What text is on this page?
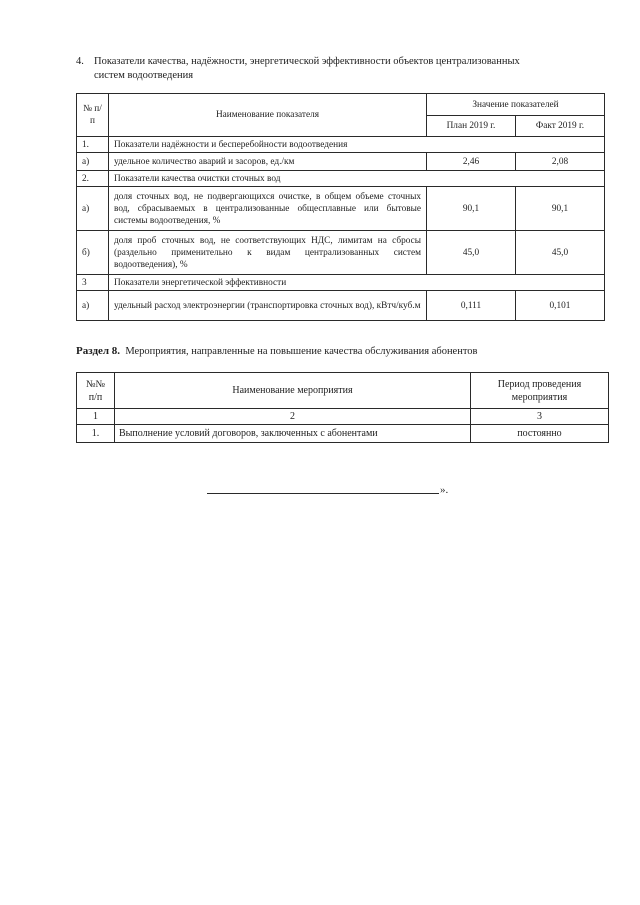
4. Показатели качества, надёжности, энергетической эффективности объектов централизованных
систем водоотведения
№ п/п	Наименование показателя	Значение показателей	
		План 2019 г.	Факт 2019 г.
1.	Показатели надёжности и бесперебойности водоотведения		
а)	удельное количество аварий и засоров, ед./км	2,46	2,08
2.	Показатели качества очистки сточных вод		
а)	доля сточных вод, не подвергающихся очистке, в общем объеме сточных вод, сбрасываемых в централизованные общесплавные или бытовые системы водоотведения, %	90,1	90,1
б)	доля проб сточных вод, не соответствующих НДС, лимитам на сбросы (раздельно применительно к видам централизованных систем водоотведения), %	45,0	45,0
3	Показатели энергетической эффективности		
а)	удельный расход электроэнергии (транспортировка сточных вод), кВтч/куб.м	0,111	0,101
Раздел 8. Мероприятия, направленные на повышение качества обслуживания абонентов
№№ п/п	Наименование мероприятия	Период проведения мероприятия
1	2	3
1.	Выполнение условий договоров, заключенных с абонентами	постоянно
».
